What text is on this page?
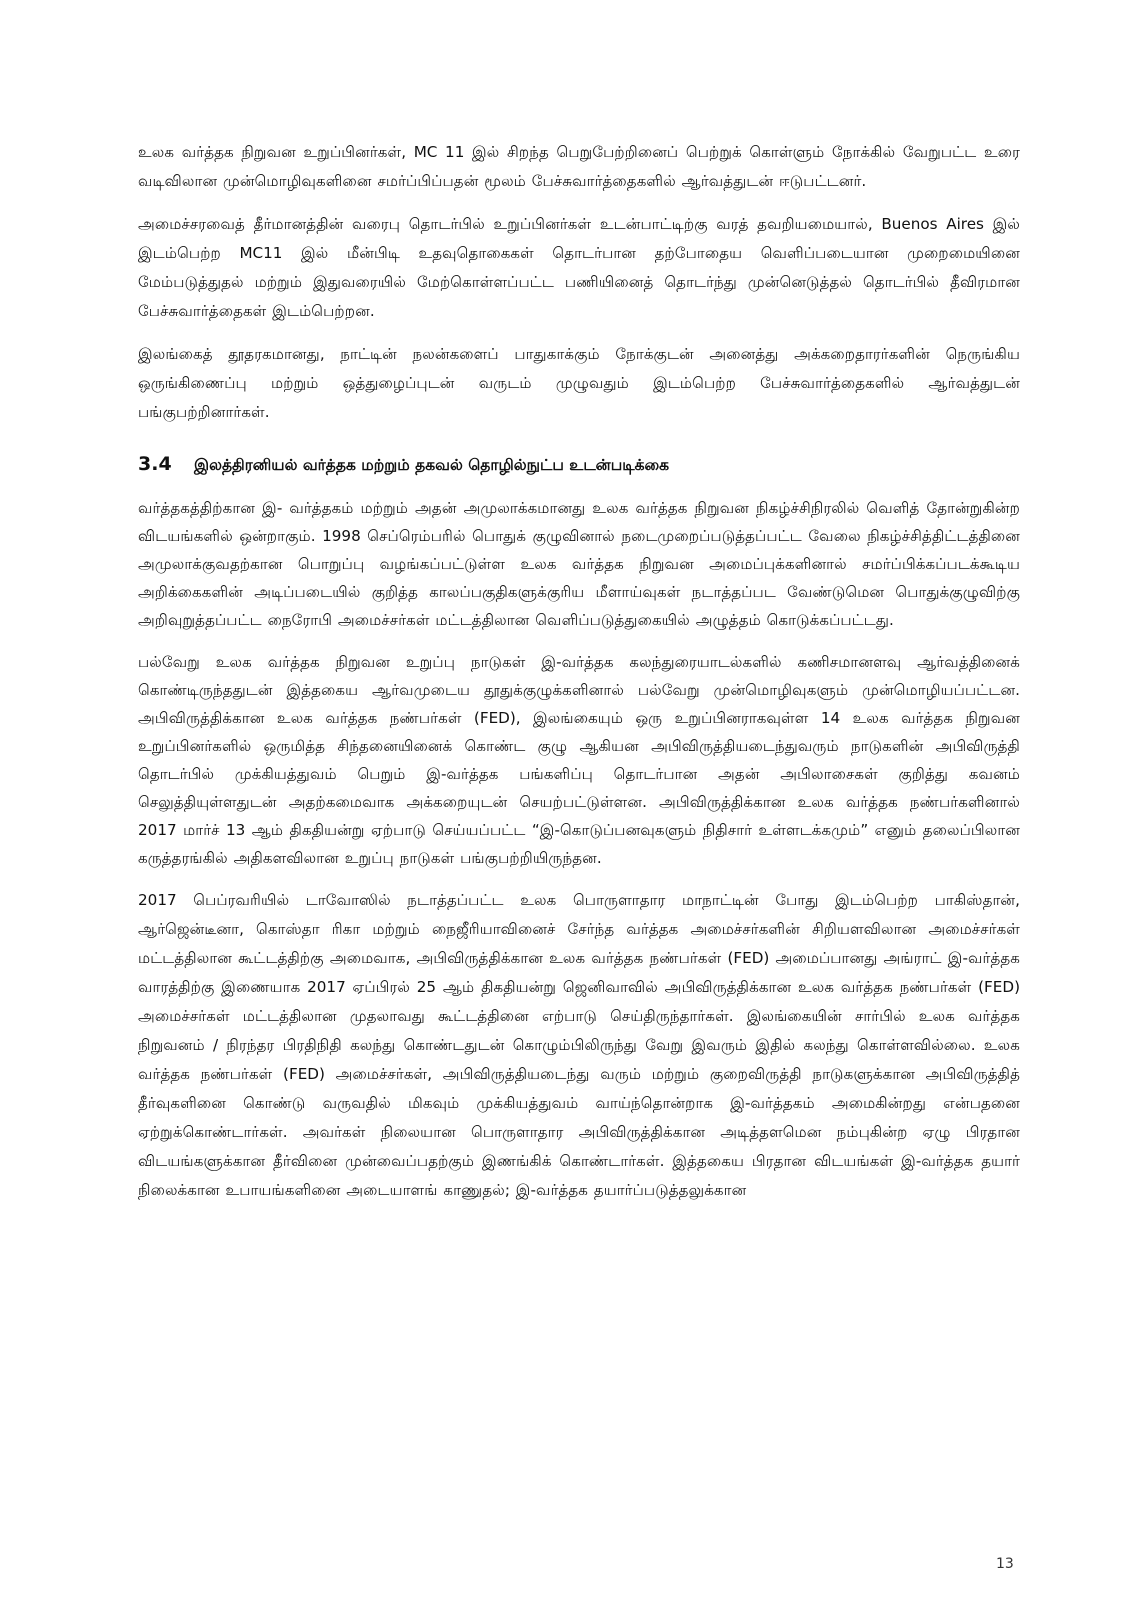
உலக வர்த்தக நிறுவன உறுப்பினர்கள், MC 11 இல் சிறந்த பெறுபேற்றினைப் பெற்றுக் கொள்ளும் நோக்கில் வேறுபட்ட உரை வடிவிலான முன்மொழிவுகளினை சமர்ப்பிப்பதன் மூலம் பேச்சுவார்த்தைகளில் ஆர்வத்துடன் ஈடுபட்டனர்.

அமைச்சரவைத் தீர்மானத்தின் வரைபு தொடர்பில் உறுப்பினர்கள் உடன்பாட்டிற்கு வரத் தவறியமையால், Buenos Aires இல் இடம்பெற்ற MC11 இல் மீன்பிடி உதவுதொகைகள் தொடர்பான தற்போதைய வெளிப்படையான முறைமையினை மேம்படுத்துதல் மற்றும் இதுவரையில் மேற்கொள்ளப்பட்ட பணியினைத் தொடர்ந்து முன்னெடுத்தல் தொடர்பில் தீவிரமான பேச்சுவார்த்தைகள் இடம்பெற்றன.

இலங்கைத் தூதரகமானது, நாட்டின் நலன்களைப் பாதுகாக்கும் நோக்குடன் அனைத்து அக்கறைதாரர்களின் நெருங்கிய ஒருங்கிணைப்பு மற்றும் ஒத்துழைப்புடன் வருடம் முழுவதும் இடம்பெற்ற பேச்சுவார்த்தைகளில் ஆர்வத்துடன் பங்குபற்றினார்கள்.

3.4	இலத்திரனியல் வர்த்தக மற்றும் தகவல் தொழில்நுட்ப உடன்படிக்கை

வர்த்தகத்திற்கான இ- வர்த்தகம் மற்றும் அதன் அமுலாக்கமானது உலக வர்த்தக நிறுவன நிகழ்ச்சிநிரலில் வெளித் தோன்றுகின்ற விடயங்களில் ஒன்றாகும். 1998 செப்ரெம்பரில் பொதுக் குழுவினால் நடைமுறைப்படுத்தப்பட்ட வேலை நிகழ்ச்சித்திட்டத்தினை அமுலாக்குவதற்கான பொறுப்பு வழங்கப்பட்டுள்ள உலக வர்த்தக நிறுவன அமைப்புக்களினால் சமர்ப்பிக்கப்படக்கூடிய அறிக்கைகளின் அடிப்படையில் குறித்த காலப்பகுதிகளுக்குரிய மீளாய்வுகள் நடாத்தப்பட வேண்டுமென பொதுக்குழுவிற்கு அறிவுறுத்தப்பட்ட நைரோபி அமைச்சர்கள் மட்டத்திலான வெளிப்படுத்துகையில் அழுத்தம் கொடுக்கப்பட்டது.

பல்வேறு உலக வர்த்தக நிறுவன உறுப்பு நாடுகள் இ-வர்த்தக கலந்துரையாடல்களில் கணிசமானளவு ஆர்வத்தினைக் கொண்டிருந்ததுடன் இத்தகைய ஆர்வமுடைய தூதுக்குழுக்களினால் பல்வேறு முன்மொழிவுகளும் முன்மொழியப்பட்டன. அபிவிருத்திக்கான உலக வர்த்தக நண்பர்கள் (FED), இலங்கையும் ஒரு உறுப்பினராகவுள்ள 14 உலக வர்த்தக நிறுவன உறுப்பினர்களில் ஒருமித்த சிந்தனையினைக் கொண்ட குழு ஆகியன அபிவிருத்தியடைந்துவரும் நாடுகளின் அபிவிருத்தி தொடர்பில் முக்கியத்துவம் பெறும் இ-வர்த்தக பங்களிப்பு தொடர்பான அதன் அபிலாசைகள் குறித்து கவனம் செலுத்தியுள்ளதுடன் அதற்கமைவாக அக்கறையுடன் செயற்பட்டுள்ளன. அபிவிருத்திக்கான உலக வர்த்தக நண்பர்களினால் 2017 மார்ச் 13 ஆம் திகதியன்று ஏற்பாடு செய்யப்பட்ட “இ-கொடுப்பனவுகளும் நிதிசார் உள்ளடக்கமும்” எனும் தலைப்பிலான கருத்தரங்கில் அதிகளவிலான உறுப்பு நாடுகள் பங்குபற்றியிருந்தன.

2017 பெப்ரவரியில் டாவோஸில் நடாத்தப்பட்ட உலக பொருளாதார மாநாட்டின் போது இடம்பெற்ற பாகிஸ்தான், ஆர்ஜென்டீனா, கொஸ்தா ரிகா மற்றும் நைஜீரியாவினைச் சேர்ந்த வர்த்தக அமைச்சர்களின் சிறியளவிலான அமைச்சர்கள் மட்டத்திலான கூட்டத்திற்கு அமைவாக, அபிவிருத்திக்கான உலக வர்த்தக நண்பர்கள் (FED) அமைப்பானது அங்ராட் இ-வர்த்தக வாரத்திற்கு இணையாக 2017 ஏப்பிரல் 25 ஆம் திகதியன்று ஜெனிவாவில் அபிவிருத்திக்கான உலக வர்த்தக நண்பர்கள் (FED) அமைச்சர்கள் மட்டத்திலான முதலாவது கூட்டத்தினை எற்பாடு செய்திருந்தார்கள். இலங்கையின் சார்பில் உலக வர்த்தக நிறுவனம் / நிரந்தர பிரதிநிதி கலந்து கொண்டதுடன் கொழும்பிலிருந்து வேறு இவரும் இதில் கலந்து கொள்ளவில்லை. உலக வர்த்தக நண்பர்கள் (FED) அமைச்சர்கள், அபிவிருத்தியடைந்து வரும் மற்றும் குறைவிருத்தி நாடுகளுக்கான அபிவிருத்தித் தீர்வுகளினை கொண்டு வருவதில் மிகவும் முக்கியத்துவம் வாய்ந்தொன்றாக இ-வர்த்தகம் அமைகின்றது என்பதனை ஏற்றுக்கொண்டார்கள். அவர்கள் நிலையான பொருளாதார அபிவிருத்திக்கான அடித்தளமென நம்புகின்ற ஏழு பிரதான விடயங்களுக்கான தீர்வினை முன்வைப்பதற்கும் இணங்கிக் கொண்டார்கள். இத்தகைய பிரதான விடயங்கள் இ-வர்த்தக தயார் நிலைக்கான உபாயங்களினை அடையாளங் காணுதல்; இ-வர்த்தக தயார்ப்படுத்தலுக்கான

13
